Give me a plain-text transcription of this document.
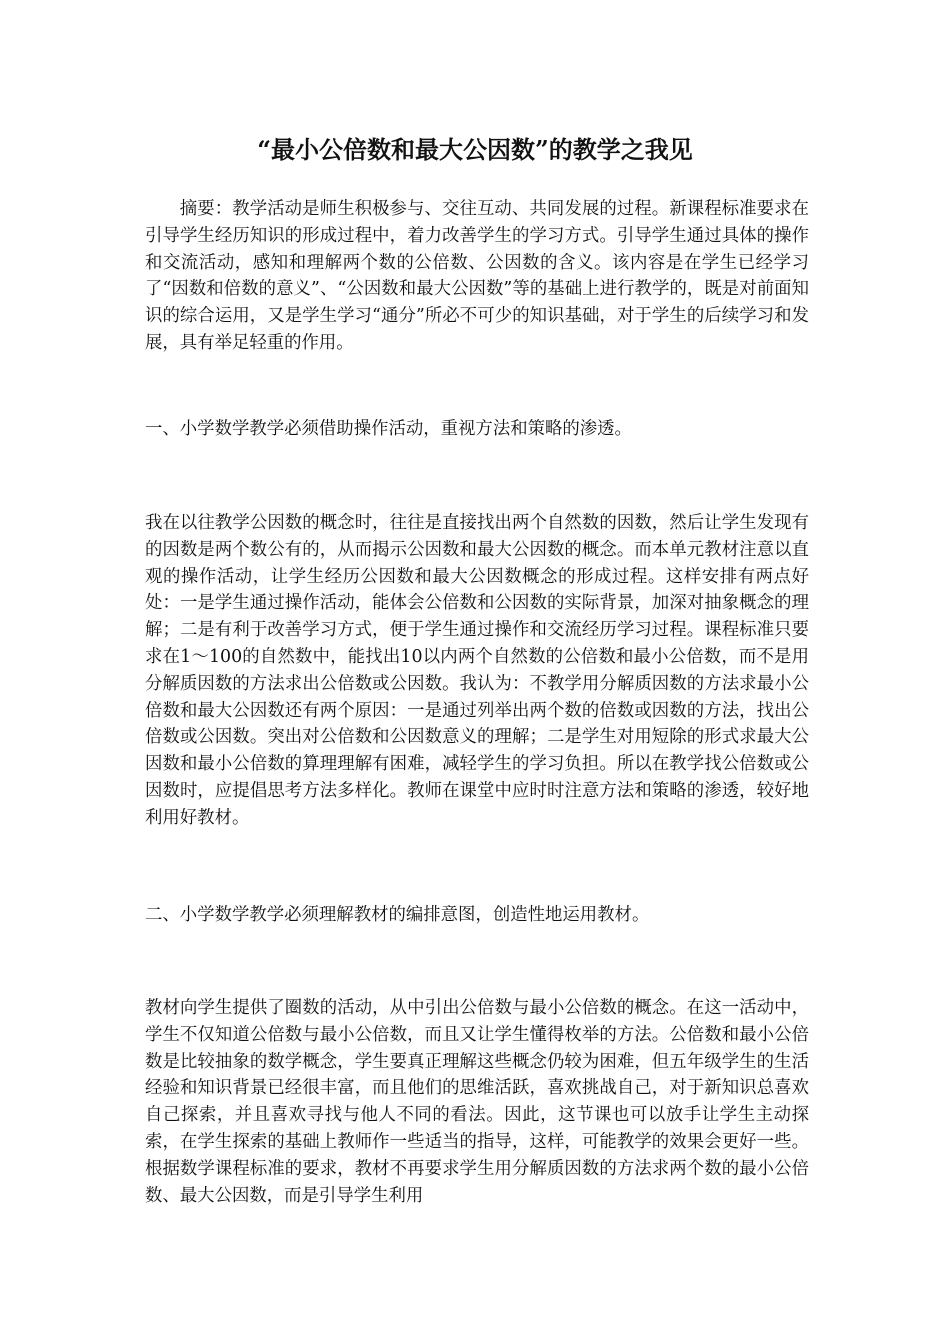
“最小公倍数和最大公因数”的教学之我见

摘要：教学活动是师生积极参与、交往互动、共同发展的过程。新课程标准要求在引导学生经历知识的形成过程中，着力改善学生的学习方式。引导学生通过具体的操作和交流活动，感知和理解两个数的公倍数、公因数的含义。该内容是在学生已经学习了“因数和倍数的意义”、“公因数和最大公因数”等的基础上进行教学的，既是对前面知识的综合运用，又是学生学习“通分”所必不可少的知识基础，对于学生的后续学习和发展，具有举足轻重的作用。

一、小学数学教学必须借助操作活动，重视方法和策略的渗透。

我在以往教学公因数的概念时，往往是直接找出两个自然数的因数，然后让学生发现有的因数是两个数公有的，从而揭示公因数和最大公因数的概念。而本单元教材注意以直观的操作活动，让学生经历公因数和最大公因数概念的形成过程。这样安排有两点好处：一是学生通过操作活动，能体会公倍数和公因数的实际背景，加深对抽象概念的理解；二是有利于改善学习方式，便于学生通过操作和交流经历学习过程。课程标准只要求在1～100的自然数中，能找出10以内两个自然数的公倍数和最小公倍数，而不是用分解质因数的方法求出公倍数或公因数。我认为：不教学用分解质因数的方法求最小公倍数和最大公因数还有两个原因：一是通过列举出两个数的倍数或因数的方法，找出公倍数或公因数。突出对公倍数和公因数意义的理解；二是学生对用短除的形式求最大公因数和最小公倍数的算理理解有困难，减轻学生的学习负担。所以在教学找公倍数或公因数时，应提倡思考方法多样化。教师在课堂中应时时注意方法和策略的渗透，较好地利用好教材。

二、小学数学教学必须理解教材的编排意图，创造性地运用教材。

教材向学生提供了圈数的活动，从中引出公倍数与最小公倍数的概念。在这一活动中，学生不仅知道公倍数与最小公倍数，而且又让学生懂得枚举的方法。公倍数和最小公倍数是比较抽象的数学概念，学生要真正理解这些概念仍较为困难，但五年级学生的生活经验和知识背景已经很丰富，而且他们的思维活跃，喜欢挑战自己，对于新知识总喜欢自己探索，并且喜欢寻找与他人不同的看法。因此，这节课也可以放手让学生主动探索，在学生探索的基础上教师作一些适当的指导，这样，可能教学的效果会更好一些。根据数学课程标准的要求，教材不再要求学生用分解质因数的方法求两个数的最小公倍数、最大公因数，而是引导学生利用
